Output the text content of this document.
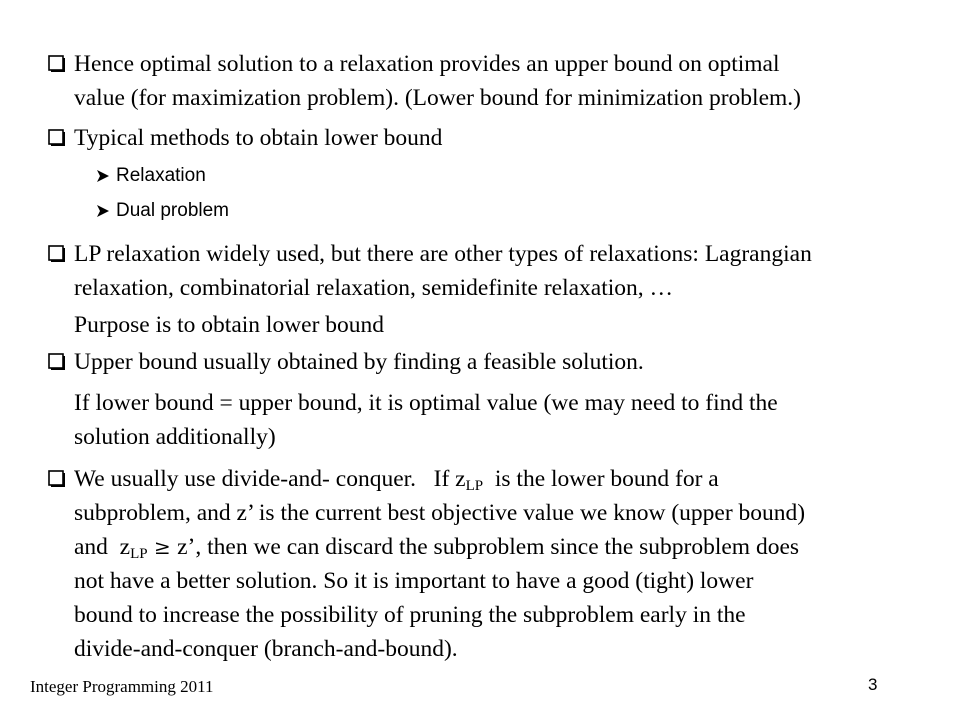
Hence optimal solution to a relaxation provides an upper bound on optimal
value (for maximization problem). (Lower bound for minimization problem.)
Typical methods to obtain lower bound
Relaxation
Dual problem
LP relaxation widely used, but there are other types of relaxations: Lagrangian
relaxation, combinatorial relaxation, semidefinite relaxation, …
Purpose is to obtain lower bound
Upper bound usually obtained by finding a feasible solution.
If lower bound = upper bound, it is optimal value (we may need to find the
solution additionally)
We usually use divide-and- conquer.   If $z_{LP}$  is the lower bound for a
subproblem, and z’ is the current best objective value we know (upper bound)
and  $z_{LP} \ge z$’, then we can discard the subproblem since the subproblem does
not have a better solution. So it is important to have a good (tight) lower
bound to increase the possibility of pruning the subproblem early in the
divide-and-conquer (branch-and-bound).
Integer Programming 2011	3
